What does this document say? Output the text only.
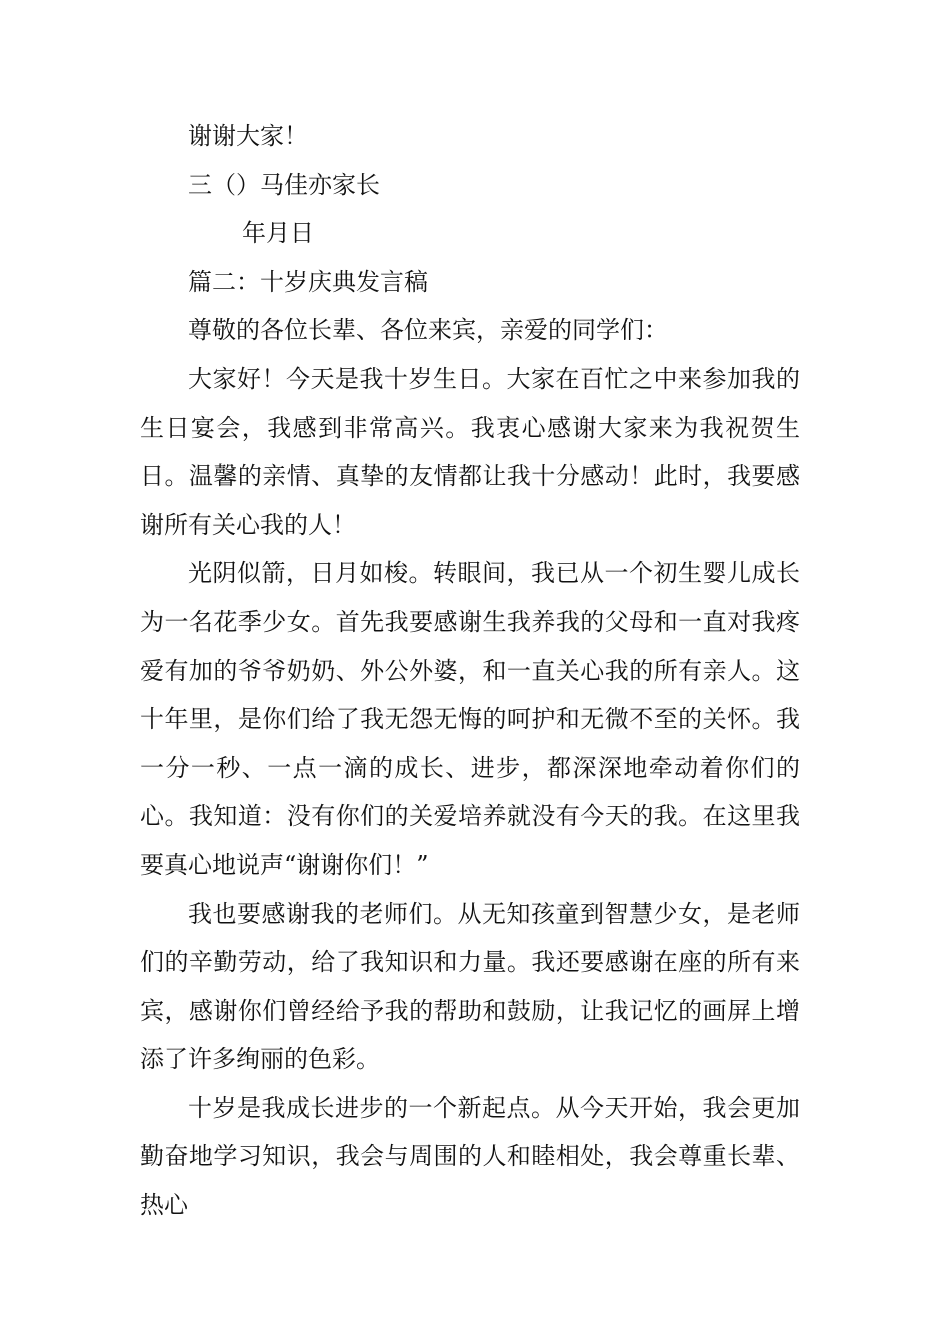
谢谢大家！

三（）马佳亦家长

年月日

篇二：十岁庆典发言稿

尊敬的各位长辈、各位来宾，亲爱的同学们：

大家好！今天是我十岁生日。大家在百忙之中来参加我的生日宴会，我感到非常高兴。我衷心感谢大家来为我祝贺生日。温馨的亲情、真挚的友情都让我十分感动！此时，我要感谢所有关心我的人！

光阴似箭，日月如梭。转眼间，我已从一个初生婴儿成长为一名花季少女。首先我要感谢生我养我的父母和一直对我疼爱有加的爷爷奶奶、外公外婆，和一直关心我的所有亲人。这十年里，是你们给了我无怨无悔的呵护和无微不至的关怀。我一分一秒、一点一滴的成长、进步，都深深地牵动着你们的心。我知道：没有你们的关爱培养就没有今天的我。在这里我要真心地说声“谢谢你们！”

我也要感谢我的老师们。从无知孩童到智慧少女，是老师们的辛勤劳动，给了我知识和力量。我还要感谢在座的所有来宾，感谢你们曾经给予我的帮助和鼓励，让我记忆的画屏上增添了许多绚丽的色彩。

十岁是我成长进步的一个新起点。从今天开始，我会更加勤奋地学习知识，我会与周围的人和睦相处，我会尊重长辈、热心
